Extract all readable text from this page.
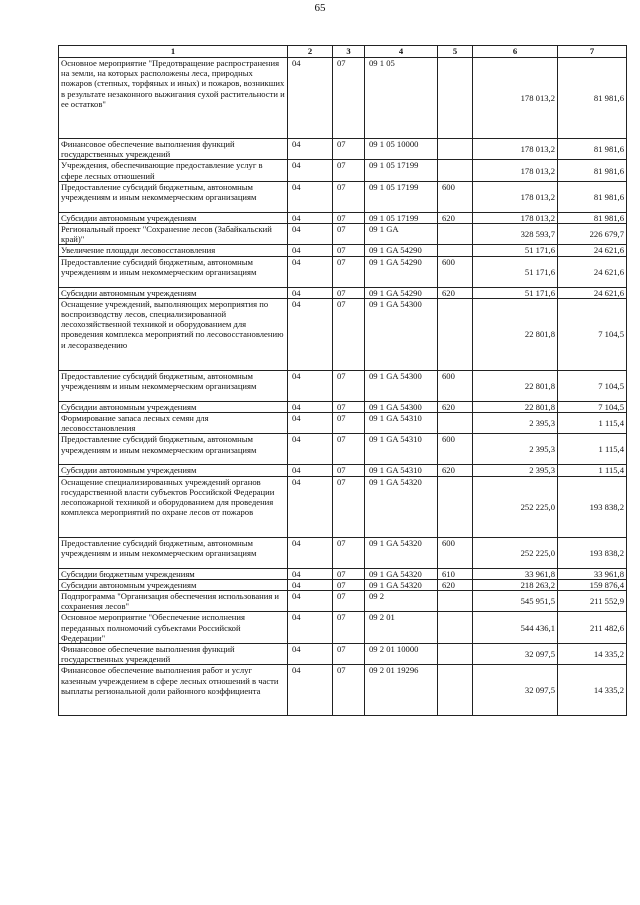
65
1	2	3	4	5	6	7
Основное мероприятие "Предотвращение распространения на земли, на которых расположены леса, природных пожаров (степных, торфяных и иных) и пожаров, возникших в результате незаконного выжигания сухой растительности и ее остатков"	04	07	09 1 05		178 013,2	81 981,6
Финансовое обеспечение выполнения функций государственных учреждений	04	07	09 1 05 10000		178 013,2	81 981,6
Учреждения, обеспечивающие предоставление услуг в сфере лесных отношений	04	07	09 1 05 17199		178 013,2	81 981,6
Предоставление субсидий бюджетным, автономным учреждениям и иным некоммерческим организациям	04	07	09 1 05 17199	600	178 013,2	81 981,6
Субсидии автономным учреждениям	04	07	09 1 05 17199	620	178 013,2	81 981,6
Региональный проект "Сохранение лесов (Забайкальский край)"	04	07	09 1 GA		328 593,7	226 679,7
Увеличение площади лесовосстановления	04	07	09 1 GA 54290		51 171,6	24 621,6
Предоставление субсидий бюджетным, автономным учреждениям и иным некоммерческим организациям	04	07	09 1 GA 54290	600	51 171,6	24 621,6
Субсидии автономным учреждениям	04	07	09 1 GA 54290	620	51 171,6	24 621,6
Оснащение учреждений, выполняющих мероприятия по воспроизводству лесов, специализированной лесохозяйственной техникой и оборудованием для проведения комплекса мероприятий по лесовосстановлению и лесоразведению	04	07	09 1 GA 54300		22 801,8	7 104,5
Предоставление субсидий бюджетным, автономным учреждениям и иным некоммерческим организациям	04	07	09 1 GA 54300	600	22 801,8	7 104,5
Субсидии автономным учреждениям	04	07	09 1 GA 54300	620	22 801,8	7 104,5
Формирование запаса лесных семян для лесовосстановления	04	07	09 1 GA 54310		2 395,3	1 115,4
Предоставление субсидий бюджетным, автономным учреждениям и иным некоммерческим организациям	04	07	09 1 GA 54310	600	2 395,3	1 115,4
Субсидии автономным учреждениям	04	07	09 1 GA 54310	620	2 395,3	1 115,4
Оснащение специализированных учреждений органов государственной власти субъектов Российской Федерации лесопожарной техникой и оборудованием для проведения комплекса мероприятий по охране лесов от пожаров	04	07	09 1 GA 54320		252 225,0	193 838,2
Предоставление субсидий бюджетным, автономным учреждениям и иным некоммерческим организациям	04	07	09 1 GA 54320	600	252 225,0	193 838,2
Субсидии бюджетным учреждениям	04	07	09 1 GA 54320	610	33 961,8	33 961,8
Субсидии автономным учреждениям	04	07	09 1 GA 54320	620	218 263,2	159 876,4
Подпрограмма "Организация обеспечения использования и сохранения лесов"	04	07	09 2		545 951,5	211 552,9
Основное мероприятие "Обеспечение исполнения переданных полномочий субъектами Российской Федерации"	04	07	09 2 01		544 436,1	211 482,6
Финансовое обеспечение выполнения функций государственных учреждений	04	07	09 2 01 10000		32 097,5	14 335,2
Финансовое обеспечение выполнения работ и услуг казенным учреждением в сфере лесных отношений в части выплаты региональной доли районного коэффициента	04	07	09 2 01 19296		32 097,5	14 335,2
